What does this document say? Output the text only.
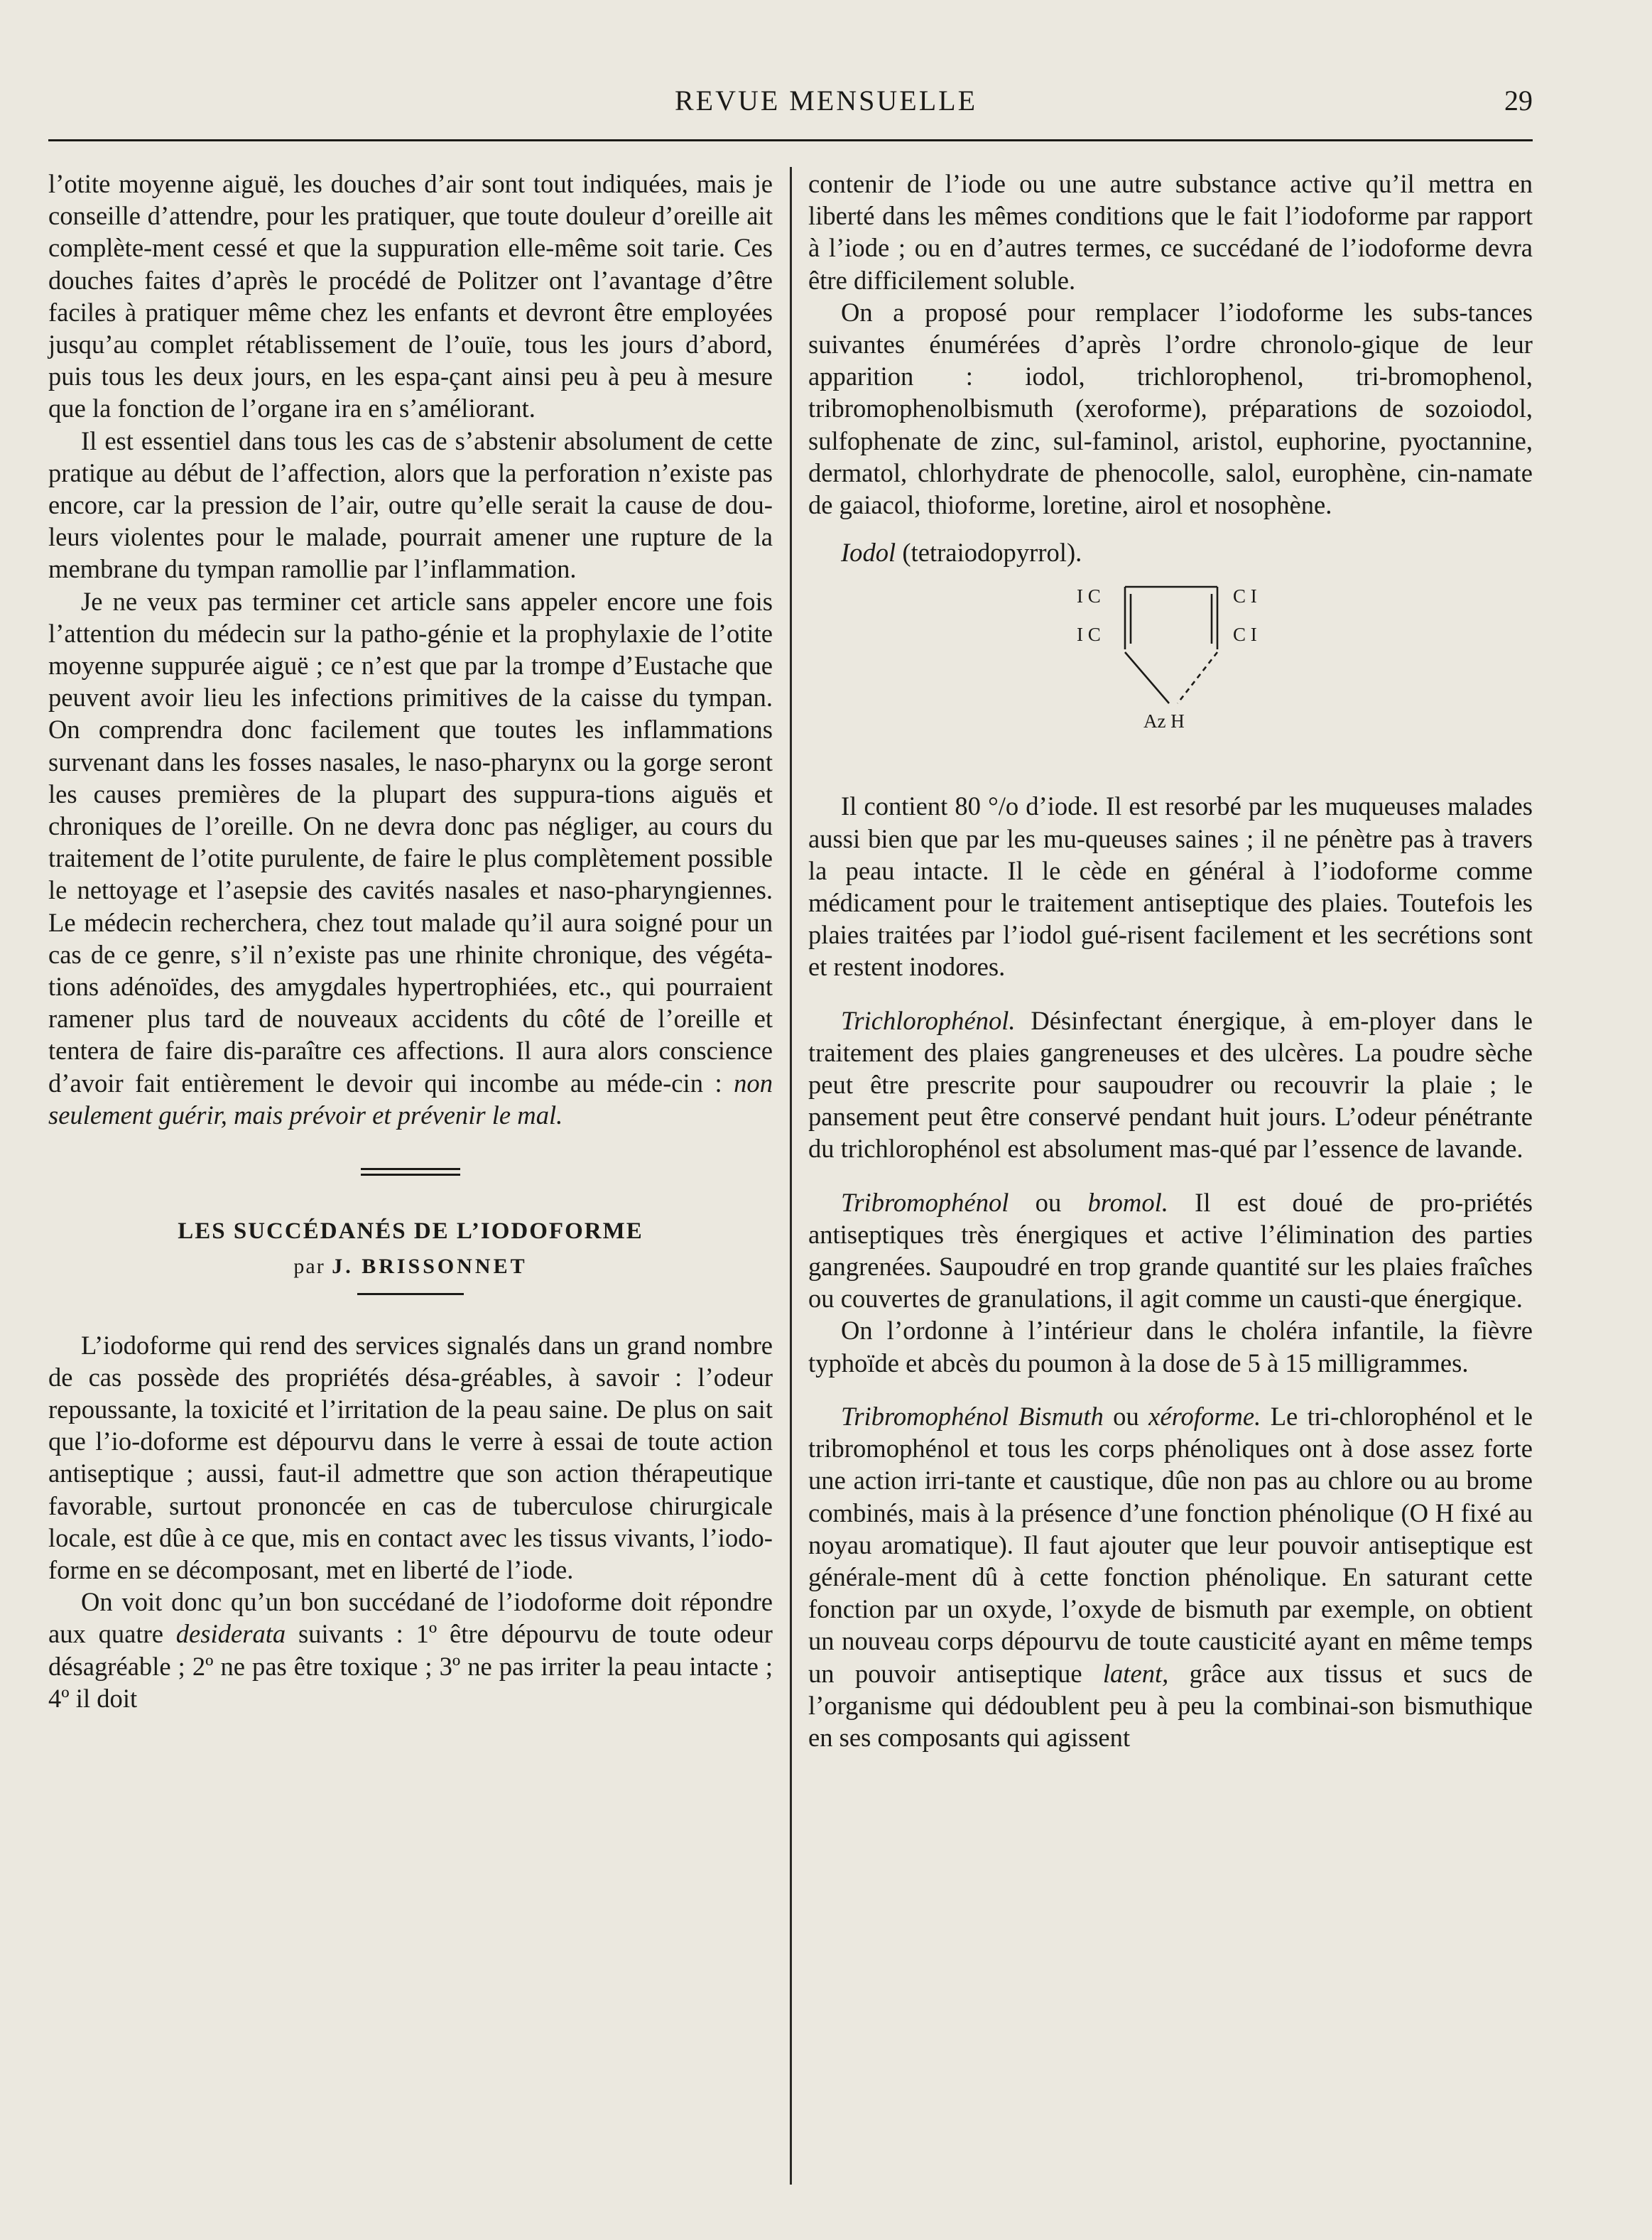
REVUE MENSUELLE	29

l’otite moyenne aiguë, les douches d’air sont tout indiquées, mais je conseille d’attendre, pour les pratiquer, que toute douleur d’oreille ait complète-ment cessé et que la suppuration elle-même soit tarie. Ces douches faites d’après le procédé de Politzer ont l’avantage d’être faciles à pratiquer même chez les enfants et devront être employées jusqu’au complet rétablissement de l’ouïe, tous les jours d’abord, puis tous les deux jours, en les espa-çant ainsi peu à peu à mesure que la fonction de l’organe ira en s’améliorant.

Il est essentiel dans tous les cas de s’abstenir absolument de cette pratique au début de l’affection, alors que la perforation n’existe pas encore, car la pression de l’air, outre qu’elle serait la cause de dou-leurs violentes pour le malade, pourrait amener une rupture de la membrane du tympan ramollie par l’inflammation.

Je ne veux pas terminer cet article sans appeler encore une fois l’attention du médecin sur la patho-génie et la prophylaxie de l’otite moyenne suppurée aiguë ; ce n’est que par la trompe d’Eustache que peuvent avoir lieu les infections primitives de la caisse du tympan. On comprendra donc facilement que toutes les inflammations survenant dans les fosses nasales, le naso-pharynx ou la gorge seront les causes premières de la plupart des suppura-tions aiguës et chroniques de l’oreille. On ne devra donc pas négliger, au cours du traitement de l’otite purulente, de faire le plus complètement possible le nettoyage et l’asepsie des cavités nasales et naso-pharyngiennes. Le médecin recherchera, chez tout malade qu’il aura soigné pour un cas de ce genre, s’il n’existe pas une rhinite chronique, des végéta-tions adénoïdes, des amygdales hypertrophiées, etc., qui pourraient ramener plus tard de nouveaux accidents du côté de l’oreille et tentera de faire dis-paraître ces affections. Il aura alors conscience d’avoir fait entièrement le devoir qui incombe au méde-cin : non seulement guérir, mais prévoir et prévenir le mal.

LES SUCCÉDANÉS DE L’IODOFORME
par J. BRISSONNET

L’iodoforme qui rend des services signalés dans un grand nombre de cas possède des propriétés désa-gréables, à savoir : l’odeur repoussante, la toxicité et l’irritation de la peau saine. De plus on sait que l’io-doforme est dépourvu dans le verre à essai de toute action antiseptique ; aussi, faut-il admettre que son action thérapeutique favorable, surtout prononcée en cas de tuberculose chirurgicale locale, est dûe à ce que, mis en contact avec les tissus vivants, l’iodo-forme en se décomposant, met en liberté de l’iode.

On voit donc qu’un bon succédané de l’iodoforme doit répondre aux quatre desiderata suivants : 1º être dépourvu de toute odeur désagréable ; 2º ne pas être toxique ; 3º ne pas irriter la peau intacte ; 4º il doit

contenir de l’iode ou une autre substance active qu’il mettra en liberté dans les mêmes conditions que le fait l’iodoforme par rapport à l’iode ; ou en d’autres termes, ce succédané de l’iodoforme devra être difficilement soluble.

On a proposé pour remplacer l’iodoforme les subs-tances suivantes énumérées d’après l’ordre chronolo-gique de leur apparition : iodol, trichlorophenol, tri-bromophenol, tribromophenolbismuth (xeroforme), préparations de sozoiodol, sulfophenate de zinc, sul-faminol, aristol, euphorine, pyoctannine, dermatol, chlorhydrate de phenocolle, salol, europhène, cin-namate de gaiacol, thioforme, loretine, airol et nosophène.

Iodol (tetraiodopyrrol).
I C	C I
I C	C I
Az H

Il contient 80 °/o d’iode. Il est resorbé par les muqueuses malades aussi bien que par les mu-queuses saines ; il ne pénètre pas à travers la peau intacte. Il le cède en général à l’iodoforme comme médicament pour le traitement antiseptique des plaies. Toutefois les plaies traitées par l’iodol gué-risent facilement et les secrétions sont et restent inodores.

Trichlorophénol. Désinfectant énergique, à em-ployer dans le traitement des plaies gangreneuses et des ulcères. La poudre sèche peut être prescrite pour saupoudrer ou recouvrir la plaie ; le pansement peut être conservé pendant huit jours. L’odeur pénétrante du trichlorophénol est absolument mas-qué par l’essence de lavande.

Tribromophénol ou bromol. Il est doué de pro-priétés antiseptiques très énergiques et active l’élimination des parties gangrenées. Saupoudré en trop grande quantité sur les plaies fraîches ou couvertes de granulations, il agit comme un causti-que énergique.

On l’ordonne à l’intérieur dans le choléra infantile, la fièvre typhoïde et abcès du poumon à la dose de 5 à 15 milligrammes.

Tribromophénol Bismuth ou xéroforme. Le tri-chlorophénol et le tribromophénol et tous les corps phénoliques ont à dose assez forte une action irri-tante et caustique, dûe non pas au chlore ou au brome combinés, mais à la présence d’une fonction phénolique (O H fixé au noyau aromatique). Il faut ajouter que leur pouvoir antiseptique est générale-ment dû à cette fonction phénolique. En saturant cette fonction par un oxyde, l’oxyde de bismuth par exemple, on obtient un nouveau corps dépourvu de toute causticité ayant en même temps un pouvoir antiseptique latent, grâce aux tissus et sucs de l’organisme qui dédoublent peu à peu la combinai-son bismuthique en ses composants qui agissent
